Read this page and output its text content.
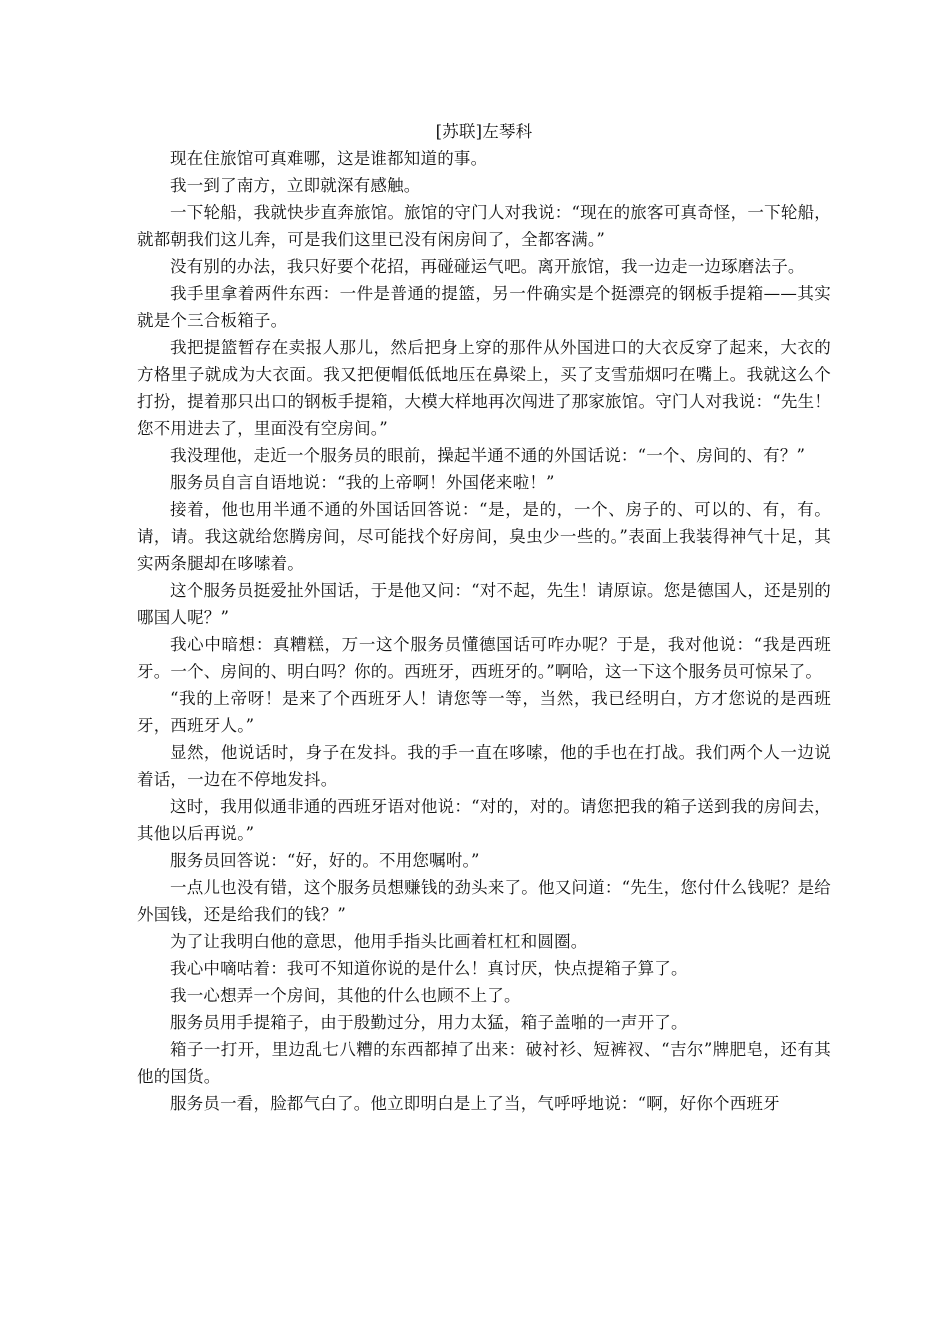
[苏联]左琴科

现在住旅馆可真难哪，这是谁都知道的事。

我一到了南方，立即就深有感触。

一下轮船，我就快步直奔旅馆。旅馆的守门人对我说：“现在的旅客可真奇怪，一下轮船，就都朝我们这儿奔，可是我们这里已没有闲房间了，全都客满。”

没有别的办法，我只好要个花招，再碰碰运气吧。离开旅馆，我一边走一边琢磨法子。

我手里拿着两件东西：一件是普通的提篮，另一件确实是个挺漂亮的钢板手提箱——其实就是个三合板箱子。

我把提篮暂存在卖报人那儿，然后把身上穿的那件从外国进口的大衣反穿了起来，大衣的方格里子就成为大衣面。我又把便帽低低地压在鼻梁上，买了支雪茄烟叼在嘴上。我就这么个打扮，提着那只出口的钢板手提箱，大模大样地再次闯进了那家旅馆。守门人对我说：“先生！您不用进去了，里面没有空房间。”

我没理他，走近一个服务员的眼前，操起半通不通的外国话说：“一个、房间的、有？”

服务员自言自语地说：“我的上帝啊！外国佬来啦！”

接着，他也用半通不通的外国话回答说：“是，是的，一个、房子的、可以的、有，有。请，请。我这就给您腾房间，尽可能找个好房间，臭虫少一些的。”表面上我装得神气十足，其实两条腿却在哆嗦着。

这个服务员挺爱扯外国话，于是他又问：“对不起，先生！请原谅。您是德国人，还是别的哪国人呢？”

我心中暗想：真糟糕，万一这个服务员懂德国话可咋办呢？于是，我对他说：“我是西班牙。一个、房间的、明白吗？你的。西班牙，西班牙的。”啊哈，这一下这个服务员可惊呆了。

“我的上帝呀！是来了个西班牙人！请您等一等，当然，我已经明白，方才您说的是西班牙，西班牙人。”

显然，他说话时，身子在发抖。我的手一直在哆嗦，他的手也在打战。我们两个人一边说着话，一边在不停地发抖。

这时，我用似通非通的西班牙语对他说：“对的，对的。请您把我的箱子送到我的房间去，其他以后再说。”

服务员回答说：“好，好的。不用您嘱咐。”

一点儿也没有错，这个服务员想赚钱的劲头来了。他又问道：“先生，您付什么钱呢？是给外国钱，还是给我们的钱？”

为了让我明白他的意思，他用手指头比画着杠杠和圆圈。

我心中嘀咕着：我可不知道你说的是什么！真讨厌，快点提箱子算了。

我一心想弄一个房间，其他的什么也顾不上了。

服务员用手提箱子，由于殷勤过分，用力太猛，箱子盖啪的一声开了。

箱子一打开，里边乱七八糟的东西都掉了出来：破衬衫、短裤衩、“吉尔”牌肥皂，还有其他的国货。

服务员一看，脸都气白了。他立即明白是上了当，气呼呼地说：“啊，好你个西班牙
